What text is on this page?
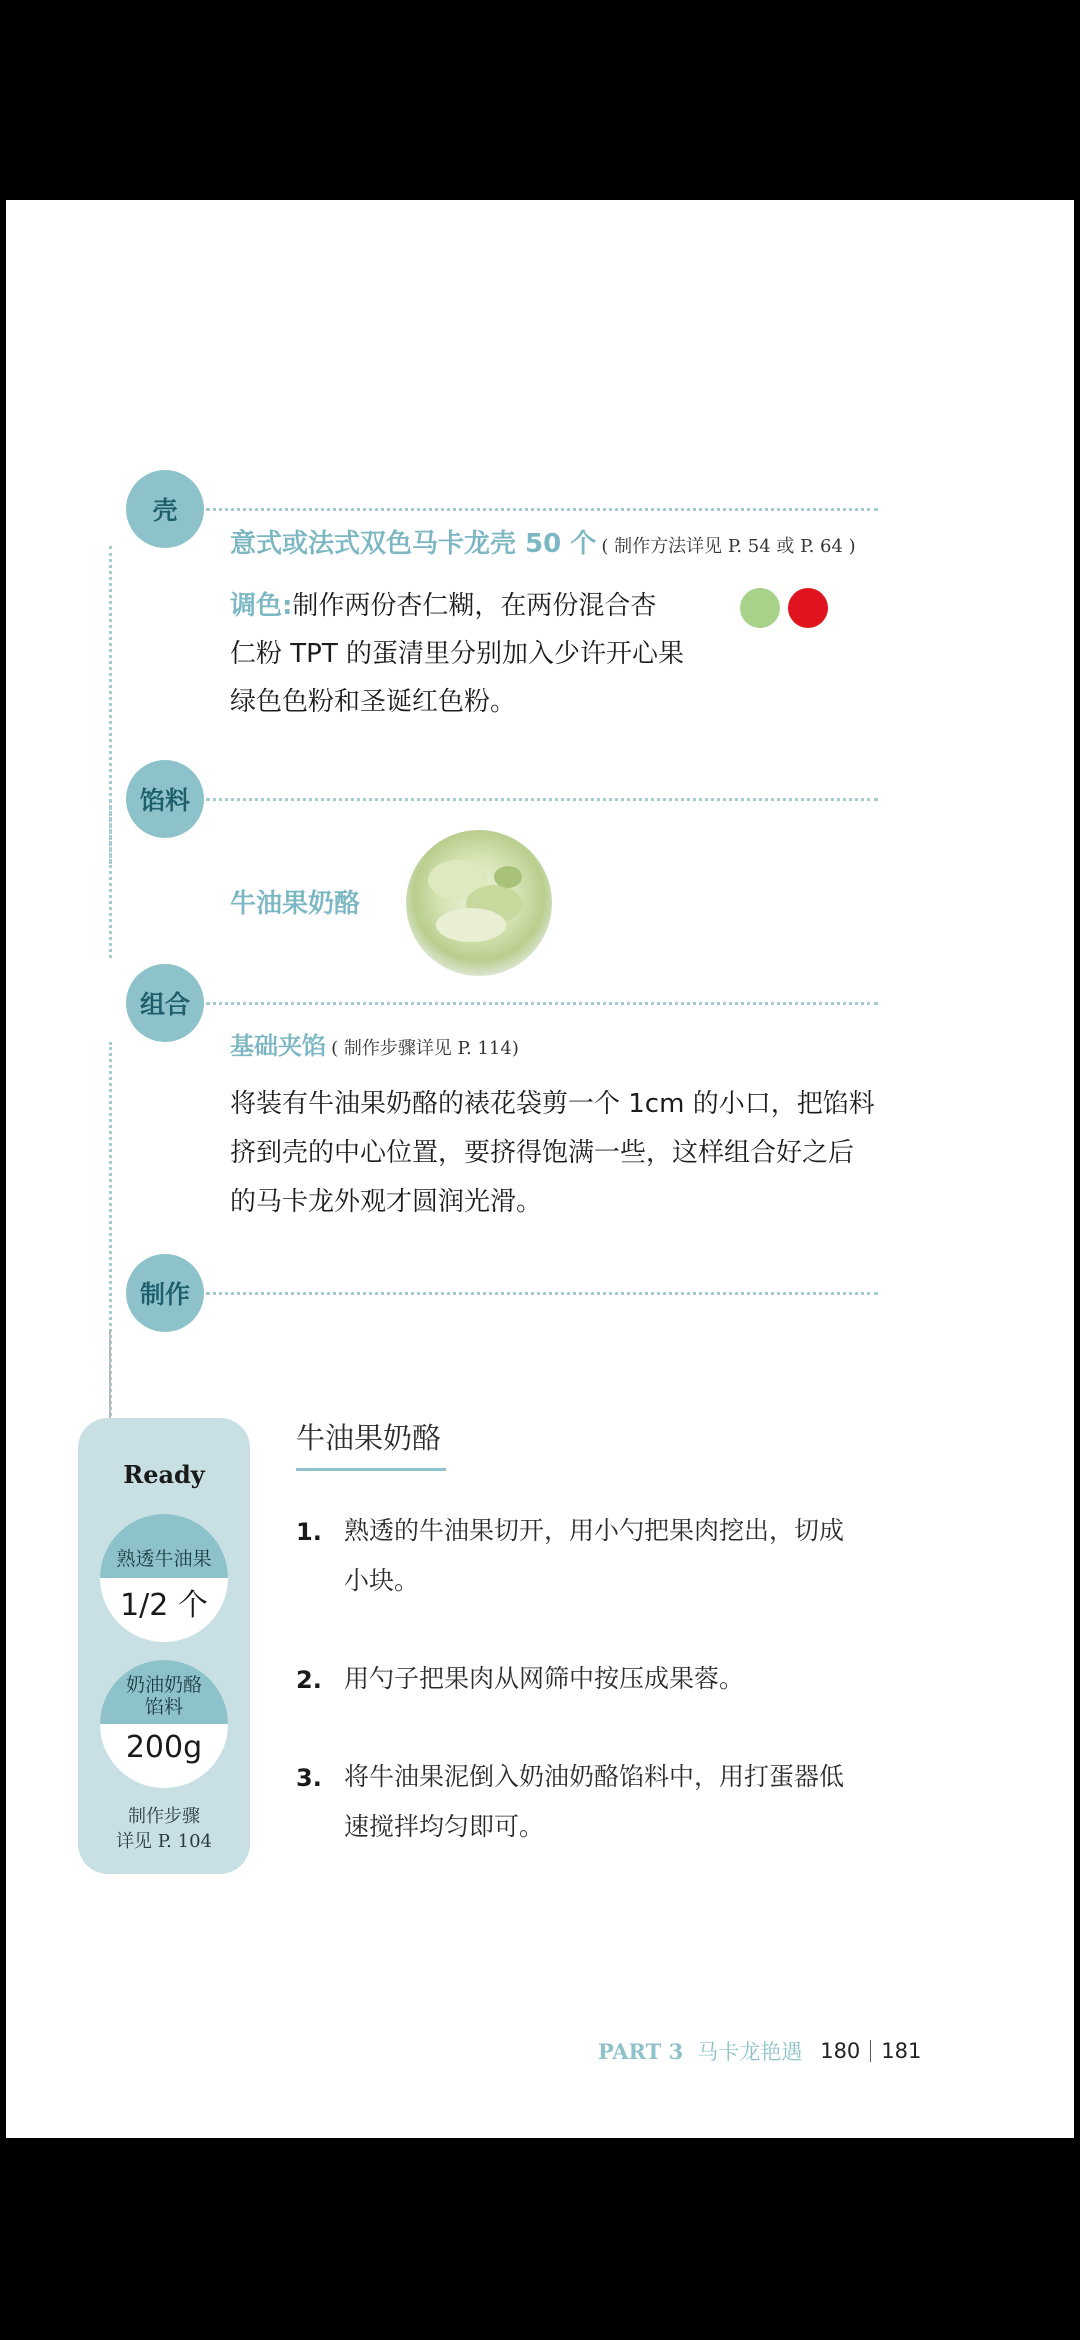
壳
意式或法式双色马卡龙壳 50 个 ( 制作方法详见 P. 54 或 P. 64 )
调色:制作两份杏仁糊，在两份混合杏
仁粉 TPT 的蛋清里分别加入少许开心果
绿色色粉和圣诞红色粉。
馅料
牛油果奶酪
组合
基础夹馅 ( 制作步骤详见 P. 114)
将装有牛油果奶酪的裱花袋剪一个 1cm 的小口，把馅料
挤到壳的中心位置，要挤得饱满一些，这样组合好之后
的马卡龙外观才圆润光滑。
制作
Ready
熟透牛油果
1/2 个
奶油奶酪馅料
200g
制作步骤
详见 P. 104
牛油果奶酪
1. 熟透的牛油果切开，用小勺把果肉挖出，切成
小块。
2. 用勺子把果肉从网筛中按压成果蓉。
3. 将牛油果泥倒入奶油奶酪馅料中，用打蛋器低
速搅拌均匀即可。
PART 3 马卡龙艳遇 180 181
